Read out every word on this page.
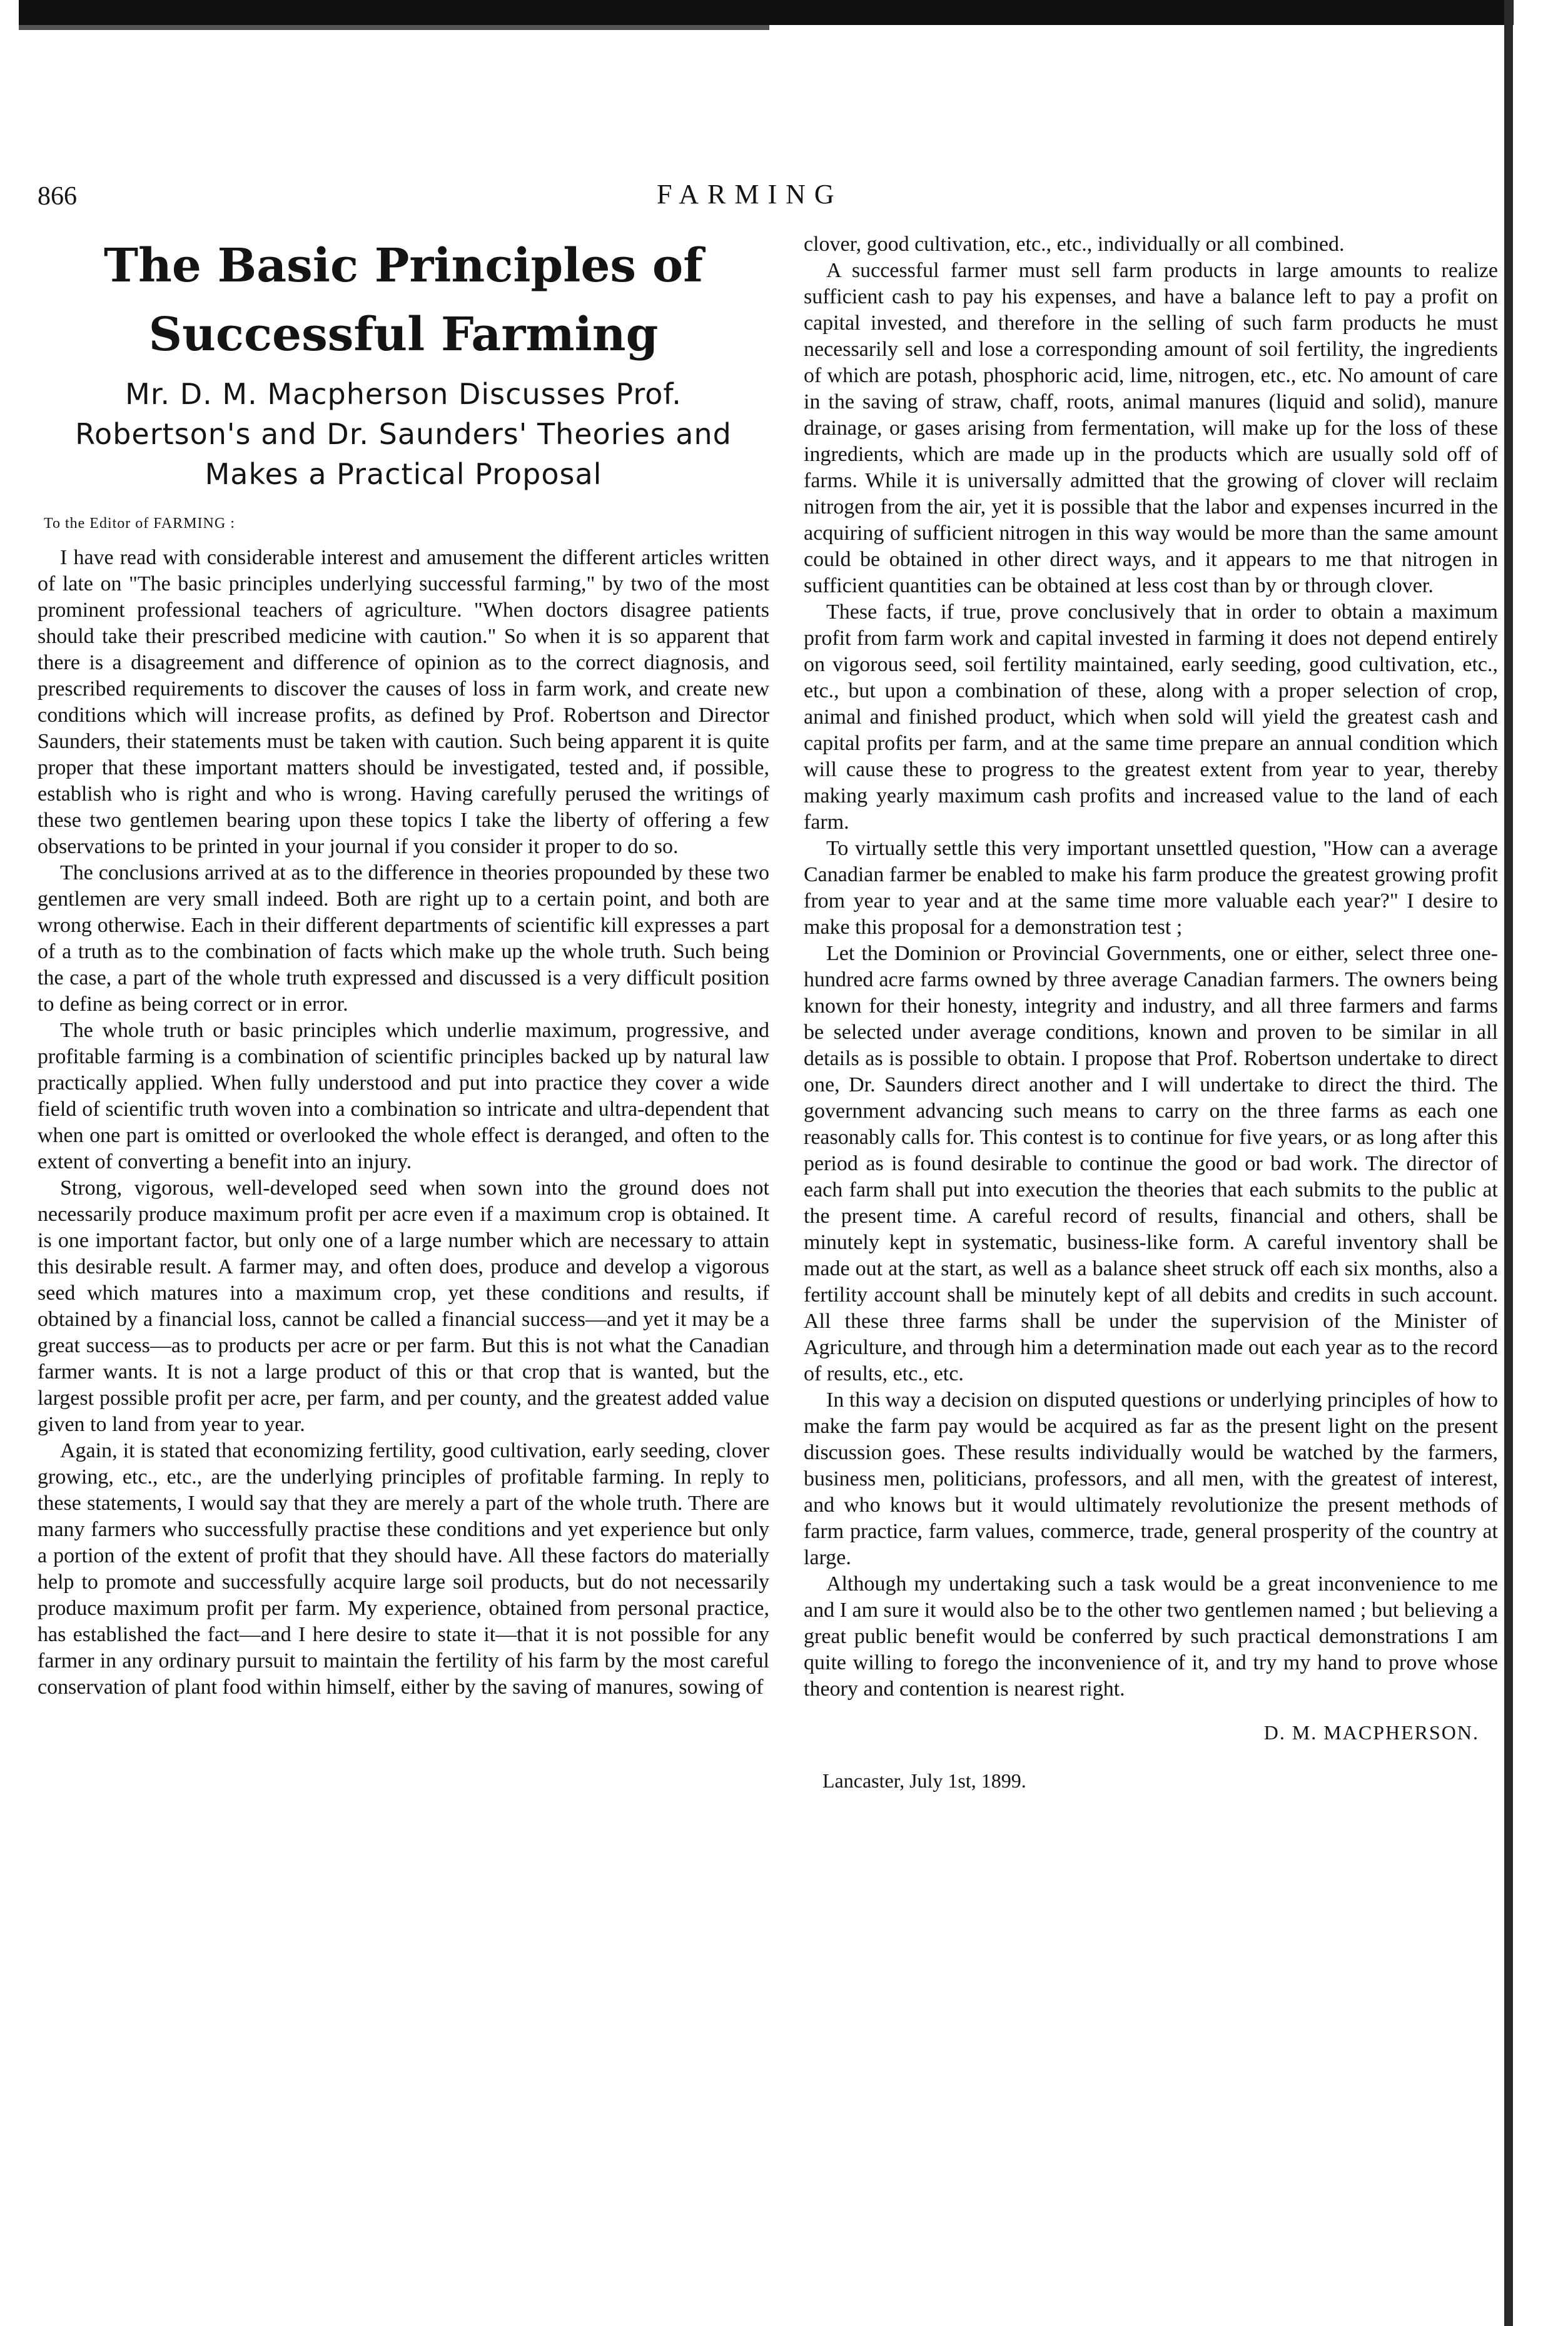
866	FARMING
The Basic Principles of Successful Farming
Mr. D. M. Macpherson Discusses Prof. Robertson's and Dr. Saunders' Theories and Makes a Practical Proposal
To the Editor of FARMING :

I have read with considerable interest and amusement the different articles written of late on "The basic principles underlying successful farming," by two of the most prominent professional teachers of agriculture. "When doctors disagree patients should take their prescribed medicine with caution." So when it is so apparent that there is a disagreement and difference of opinion as to the correct diagnosis, and prescribed requirements to discover the causes of loss in farm work, and create new conditions which will increase profits, as defined by Prof. Robertson and Director Saunders, their statements must be taken with caution. Such being apparent it is quite proper that these important matters should be investigated, tested and, if possible, establish who is right and who is wrong. Having carefully perused the writings of these two gentlemen bearing upon these topics I take the liberty of offering a few observations to be printed in your journal if you consider it proper to do so.

The conclusions arrived at as to the difference in theories propounded by these two gentlemen are very small indeed. Both are right up to a certain point, and both are wrong otherwise. Each in their different departments of scientific kill expresses a part of a truth as to the combination of facts which make up the whole truth. Such being the case, a part of the whole truth expressed and discussed is a very difficult position to define as being correct or in error.

The whole truth or basic principles which underlie maximum, progressive, and profitable farming is a combination of scientific principles backed up by natural law practically applied. When fully understood and put into practice they cover a wide field of scientific truth woven into a combination so intricate and ultra-dependent that when one part is omitted or overlooked the whole effect is deranged, and often to the extent of converting a benefit into an injury.

Strong, vigorous, well-developed seed when sown into the ground does not necessarily produce maximum profit per acre even if a maximum crop is obtained. It is one important factor, but only one of a large number which are necessary to attain this desirable result. A farmer may, and often does, produce and develop a vigorous seed which matures into a maximum crop, yet these conditions and results, if obtained by a financial loss, cannot be called a financial success—and yet it may be a great success—as to products per acre or per farm. But this is not what the Canadian farmer wants. It is not a large product of this or that crop that is wanted, but the largest possible profit per acre, per farm, and per county, and the greatest added value given to land from year to year.

Again, it is stated that economizing fertility, good cultivation, early seeding, clover growing, etc., etc., are the underlying principles of profitable farming. In reply to these statements, I would say that they are merely a part of the whole truth. There are many farmers who successfully practise these conditions and yet experience but only a portion of the extent of profit that they should have. All these factors do materially help to promote and successfully acquire large soil products, but do not necessarily produce maximum profit per farm. My experience, obtained from personal practice, has established the fact—and I here desire to state it—that it is not possible for any farmer in any ordinary pursuit to maintain the fertility of his farm by the most careful conservation of plant food within himself, either by the saving of manures, sowing of

clover, good cultivation, etc., etc., individually or all combined.

A successful farmer must sell farm products in large amounts to realize sufficient cash to pay his expenses, and have a balance left to pay a profit on capital invested, and therefore in the selling of such farm products he must necessarily sell and lose a corresponding amount of soil fertility, the ingredients of which are potash, phosphoric acid, lime, nitrogen, etc., etc. No amount of care in the saving of straw, chaff, roots, animal manures (liquid and solid), manure drainage, or gases arising from fermentation, will make up for the loss of these ingredients, which are made up in the products which are usually sold off of farms. While it is universally admitted that the growing of clover will reclaim nitrogen from the air, yet it is possible that the labor and expenses incurred in the acquiring of sufficient nitrogen in this way would be more than the same amount could be obtained in other direct ways, and it appears to me that nitrogen in sufficient quantities can be obtained at less cost than by or through clover.

These facts, if true, prove conclusively that in order to obtain a maximum profit from farm work and capital invested in farming it does not depend entirely on vigorous seed, soil fertility maintained, early seeding, good cultivation, etc., etc., but upon a combination of these, along with a proper selection of crop, animal and finished product, which when sold will yield the greatest cash and capital profits per farm, and at the same time prepare an annual condition which will cause these to progress to the greatest extent from year to year, thereby making yearly maximum cash profits and increased value to the land of each farm.

To virtually settle this very important unsettled question, "How can a average Canadian farmer be enabled to make his farm produce the greatest growing profit from year to year and at the same time more valuable each year?" I desire to make this proposal for a demonstration test ;

Let the Dominion or Provincial Governments, one or either, select three one-hundred acre farms owned by three average Canadian farmers. The owners being known for their honesty, integrity and industry, and all three farmers and farms be selected under average conditions, known and proven to be similar in all details as is possible to obtain. I propose that Prof. Robertson undertake to direct one, Dr. Saunders direct another and I will undertake to direct the third. The government advancing such means to carry on the three farms as each one reasonably calls for. This contest is to continue for five years, or as long after this period as is found desirable to continue the good or bad work. The director of each farm shall put into execution the theories that each submits to the public at the present time. A careful record of results, financial and others, shall be minutely kept in systematic, business-like form. A careful inventory shall be made out at the start, as well as a balance sheet struck off each six months, also a fertility account shall be minutely kept of all debits and credits in such account. All these three farms shall be under the supervision of the Minister of Agriculture, and through him a determination made out each year as to the record of results, etc., etc.

In this way a decision on disputed questions or underlying principles of how to make the farm pay would be acquired as far as the present light on the present discussion goes. These results individually would be watched by the farmers, business men, politicians, professors, and all men, with the greatest of interest, and who knows but it would ultimately revolutionize the present methods of farm practice, farm values, commerce, trade, general prosperity of the country at large.

Although my undertaking such a task would be a great inconvenience to me and I am sure it would also be to the other two gentlemen named ; but believing a great public benefit would be conferred by such practical demonstrations I am quite willing to forego the inconvenience of it, and try my hand to prove whose theory and contention is nearest right.

D. M. MACPHERSON.
Lancaster, July 1st, 1899.
